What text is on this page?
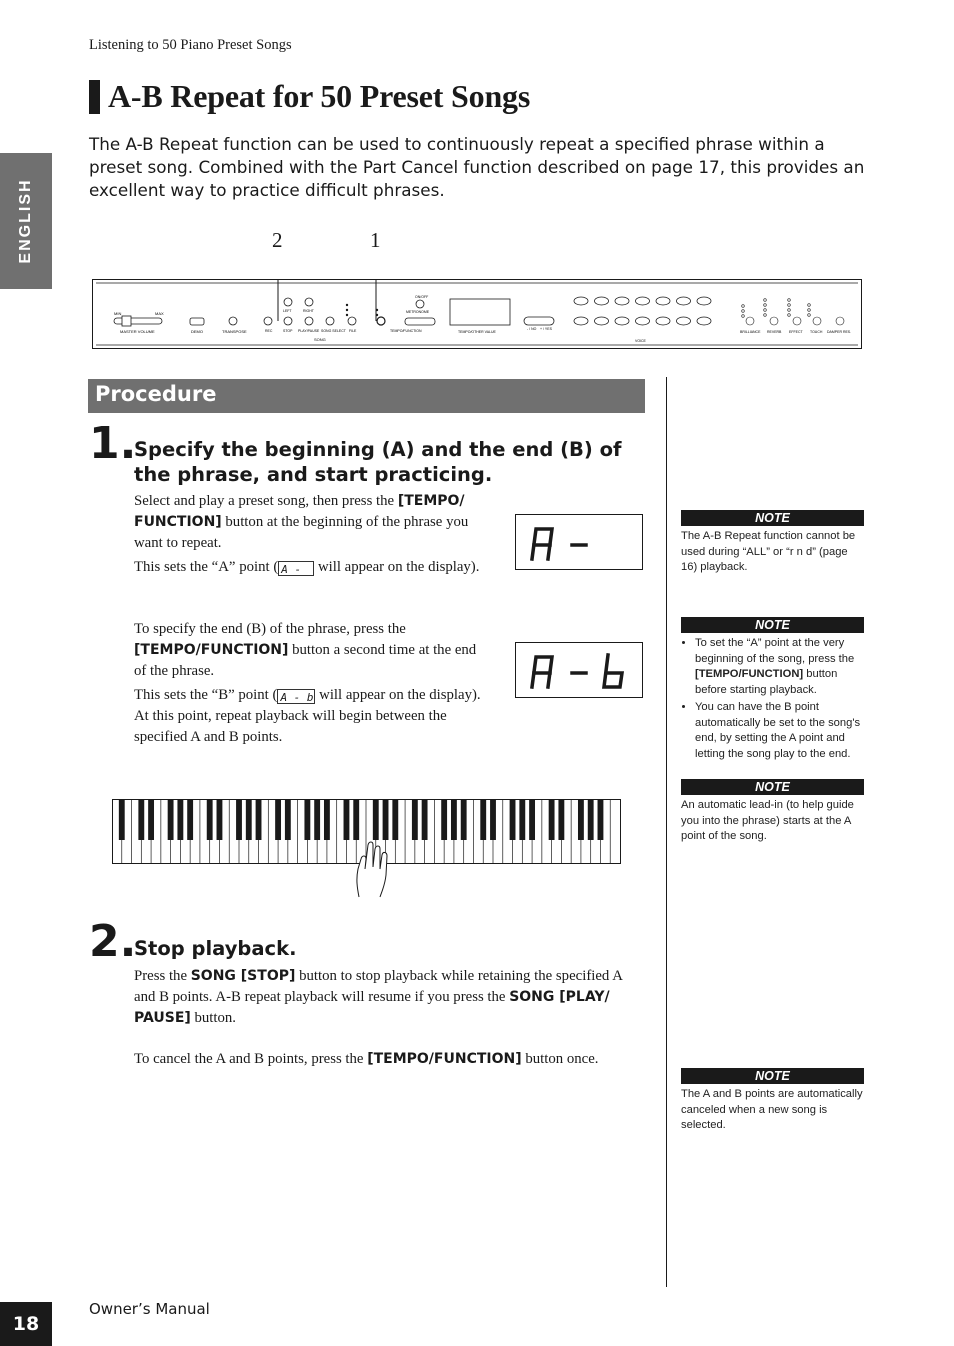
Listening to 50 Piano Preset Songs
A-B Repeat for 50 Preset Songs
The A-B Repeat function can be used to continuously repeat a specified phrase within a preset song. Combined with the Part Cancel function described on page 17, this provides an excellent way to practice difficult phrases.
ENGLISH	2	1
MIN	MAX
MASTER VOLUME	DEMO	TRANSPOSE	REC
LEFT	RIGHT
STOP PLAY/PAUSE SONG SELECT FILE
SONG
TEMPO/FUNCTION
ON/OFF
METRONOME
TEMPO/OTHER VALUE
- / NO + / YES
VOICE
BRILLIANCE REVERB EFFECT TOUCH DAMPER RES.
Procedure
1.
Specify the beginning (A) and the end (B) of the phrase, and start practicing.
Select and play a preset song, then press the [TEMPO/ FUNCTION] button at the beginning of the phrase you want to repeat.
This sets the “A” point ( A - will appear on the display).
To specify the end (B) of the phrase, press the [TEMPO/FUNCTION] button a second time at the end of the phrase.
This sets the “B” point ( A - b will appear on the display).
At this point, repeat playback will begin between the specified A and B points.
2.
Stop playback.
Press the SONG [STOP] button to stop playback while retaining the specified A and B points. A-B repeat playback will resume if you press the SONG [PLAY/ PAUSE] button.
To cancel the A and B points, press the [TEMPO/FUNCTION] button once.
NOTE
The A-B Repeat function cannot be used during “ALL” or “r n d” (page 16) playback.
NOTE
• To set the “A” point at the very beginning of the song, press the [TEMPO/FUNCTION] button before starting playback.
• You can have the B point automatically be set to the song's end, by setting the A point and letting the song play to the end.
NOTE
An automatic lead-in (to help guide you into the phrase) starts at the A point of the song.
NOTE
The A and B points are automatically canceled when a new song is selected.
18
Owner’s Manual
